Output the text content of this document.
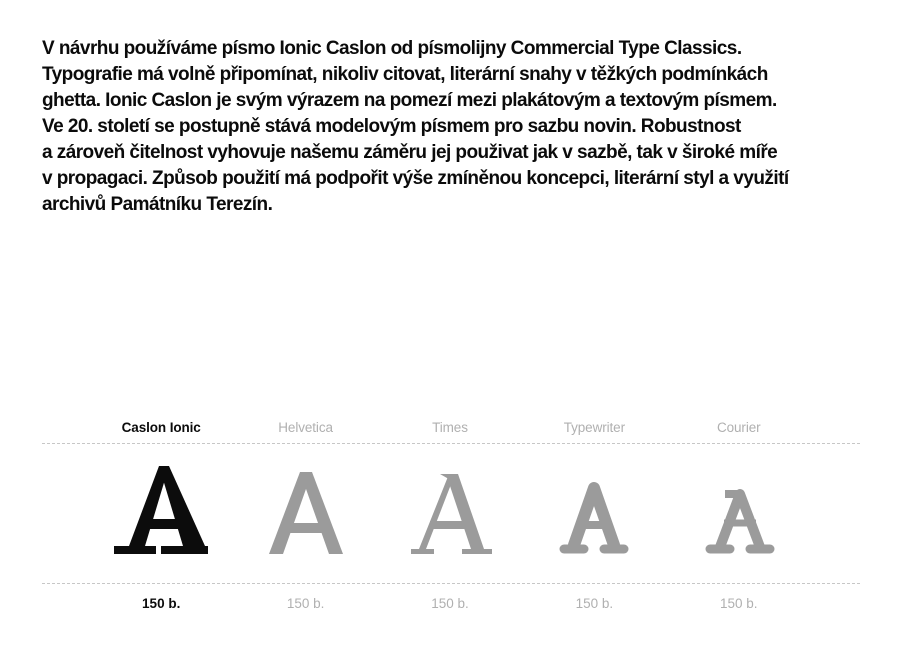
V návrhu používáme písmo Ionic Caslon od písmolijny Commercial Type Classics.
Typografie má volně připomínat, nikoliv citovat, literární snahy v těžkých podmínkách
ghetta. Ionic Caslon je svým výrazem na pomezí mezi plakátovým a textovým písmem.
Ve 20. století se postupně stává modelovým písmem pro sazbu novin. Robustnost
a zároveň čitelnost vyhovuje našemu záměru jej použivat jak v sazbě, tak v široké míře
v propagaci. Způsob použití má podpořit výše zmíněnou koncepci, literární styl a využití
archivů Památníku Terezín.
Caslon Ionic	Helvetica	Times	Typewriter	Courier
150 b.	150 b.	150 b.	150 b.	150 b.
